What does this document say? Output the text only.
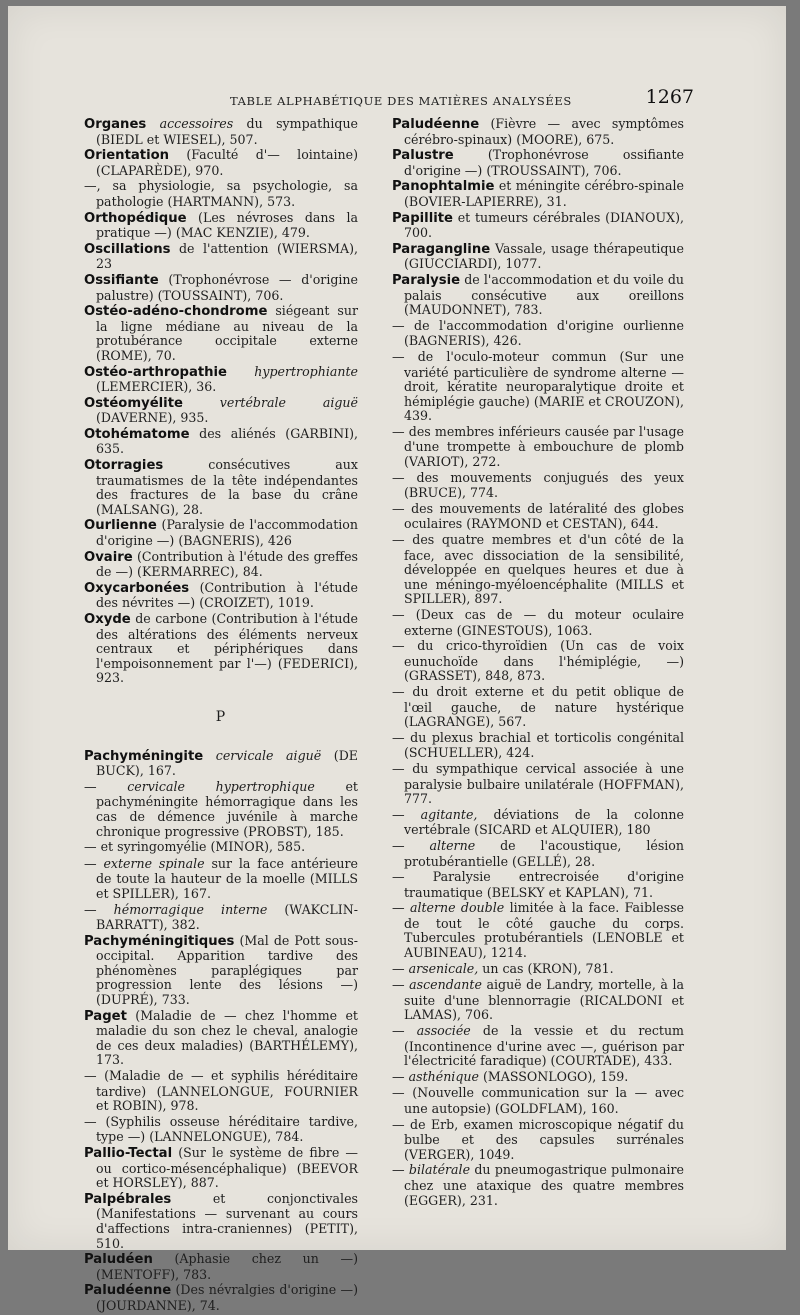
TABLE ALPHABÉTIQUE DES MATIÈRES ANALYSÉES	1267

Organes accessoires du sympathique (BIEDL et WIESEL), 507.

Orientation (Faculté d'— lointaine) (CLAPARÈDE), 970.

—, sa physiologie, sa psychologie, sa pathologie (HARTMANN), 573.

Orthopédique (Les névroses dans la pratique —) (MAC KENZIE), 479.

Oscillations de l'attention (WIERSMA), 23

Ossifiante (Trophonévrose — d'origine palustre) (TOUSSAINT), 706.

Ostéo-adéno-chondrome siégeant sur la ligne médiane au niveau de la protubérance occipitale externe (ROME), 70.

Ostéo-arthropathie hypertrophiante (LEMERCIER), 36.

Ostéomyélite vertébrale aiguë (DAVERNE), 935.

Otohématome des aliénés (GARBINI), 635.

Otorragies consécutives aux traumatismes de la tête indépendantes des fractures de la base du crâne (MALSANG), 28.

Ourlienne (Paralysie de l'accommodation d'origine —) (BAGNERIS), 426

Ovaire (Contribution à l'étude des greffes de —) (KERMARREC), 84.

Oxycarbonées (Contribution à l'étude des névrites —) (CROIZET), 1019.

Oxyde de carbone (Contribution à l'étude des altérations des éléments nerveux centraux et périphériques dans l'empoisonnement par l'—) (FEDERICI), 923.

P

Pachyméningite cervicale aiguë (DE BUCK), 167.

— cervicale hypertrophique et pachyméningite hémorragique dans les cas de démence juvénile à marche chronique progressive (PROBST), 185.

— et syringomyélie (MINOR), 585.

— externe spinale sur la face antérieure de toute la hauteur de la moelle (MILLS et SPILLER), 167.

— hémorragique interne (WAKCLIN-BARRATT), 382.

Pachyméningitiques (Mal de Pott sous-occipital. Apparition tardive des phénomènes paraplégiques par progression lente des lésions —) (DUPRÉ), 733.

Paget (Maladie de — chez l'homme et maladie du son chez le cheval, analogie de ces deux maladies) (BARTHÉLEMY), 173.

— (Maladie de — et syphilis héréditaire tardive) (LANNELONGUE, FOURNIER et ROBIN), 978.

— (Syphilis osseuse héréditaire tardive, type —) (LANNELONGUE), 784.

Pallio-Tectal (Sur le système de fibre — ou cortico-mésencéphalique) (BEEVOR et HORSLEY), 887.

Palpébrales et conjonctivales (Manifestations — survenant au cours d'affections intra-craniennes) (PETIT), 510.

Paludéen (Aphasie chez un —) (MENTOFF), 783.

Paludéenne (Des névralgies d'origine —) (JOURDANNE), 74.

Paludéenne (Fièvre — avec symptômes cérébro-spinaux) (MOORE), 675.

Palustre (Trophonévrose ossifiante d'origine —) (TROUSSAINT), 706.

Panophtalmie et méningite cérébro-spinale (BOVIER-LAPIERRE), 31.

Papillite et tumeurs cérébrales (DIANOUX), 700.

Paragangline Vassale, usage thérapeutique (GIUCCIARDI), 1077.

Paralysie de l'accommodation et du voile du palais consécutive aux oreillons (MAUDONNET), 783.

— de l'accommodation d'origine ourlienne (BAGNERIS), 426.

— de l'oculo-moteur commun (Sur une variété particulière de syndrome alterne — droit, kératite neuroparalytique droite et hémiplégie gauche) (MARIE et CROUZON), 439.

— des membres inférieurs causée par l'usage d'une trompette à embouchure de plomb (VARIOT), 272.

— des mouvements conjugués des yeux (BRUCE), 774.

— des mouvements de latéralité des globes oculaires (RAYMOND et CESTAN), 644.

— des quatre membres et d'un côté de la face, avec dissociation de la sensibilité, développée en quelques heures et due à une méningo-myéloencéphalite (MILLS et SPILLER), 897.

— (Deux cas de — du moteur oculaire externe (GINESTOUS), 1063.

— du crico-thyroïdien (Un cas de voix eunuchoïde dans l'hémiplégie, —) (GRASSET), 848, 873.

— du droit externe et du petit oblique de l'œil gauche, de nature hystérique (LAGRANGE), 567.

— du plexus brachial et torticolis congénital (SCHUELLER), 424.

— du sympathique cervical associée à une paralysie bulbaire unilatérale (HOFFMAN), 777.

— agitante, déviations de la colonne vertébrale (SICARD et ALQUIER), 180

— alterne de l'acoustique, lésion protubérantielle (GELLÉ), 28.

— Paralysie entrecroisée d'origine traumatique (BELSKY et KAPLAN), 71.

— alterne double limitée à la face. Faiblesse de tout le côté gauche du corps. Tubercules protubérantiels (LENOBLE et AUBINEAU), 1214.

— arsenicale, un cas (KRON), 781.

— ascendante aiguë de Landry, mortelle, à la suite d'une blennorragie (RICALDONI et LAMAS), 706.

— associée de la vessie et du rectum (Incontinence d'urine avec —, guérison par l'électricité faradique) (COURTADE), 433.

— asthénique (MASSONLOGO), 159.

— (Nouvelle communication sur la — avec une autopsie) (GOLDFLAM), 160.

— de Erb, examen microscopique négatif du bulbe et des capsules surrénales (VERGER), 1049.

— bilatérale du pneumogastrique pulmonaire chez une ataxique des quatre membres (EGGER), 231.
